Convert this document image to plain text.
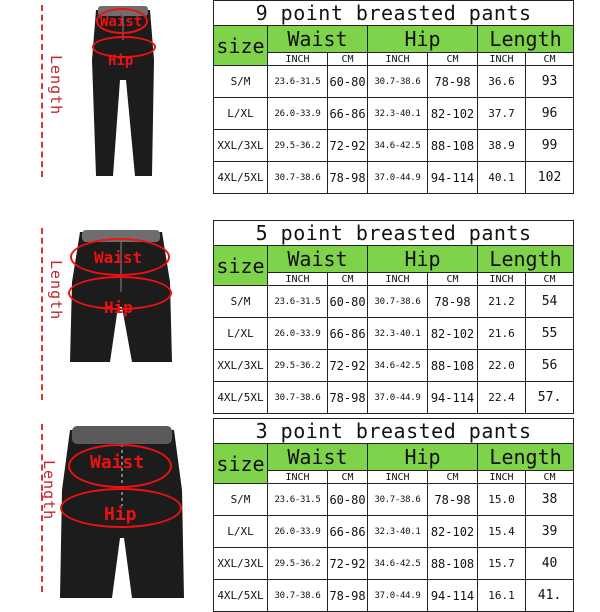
Length
Waist
Hip
9 point breasted pants						
size	Waist		Hip		Length	
	INCH	CM	INCH	CM	INCH	CM
S/M	23.6-31.5	60-80	30.7-38.6	78-98	36.6	93
L/XL	26.0-33.9	66-86	32.3-40.1	82-102	37.7	96
XXL/3XL	29.5-36.2	72-92	34.6-42.5	88-108	38.9	99
4XL/5XL	30.7-38.6	78-98	37.0-44.9	94-114	40.1	102
Length
Waist
Hip
5 point breasted pants						
size	Waist		Hip		Length	
	INCH	CM	INCH	CM	INCH	CM
S/M	23.6-31.5	60-80	30.7-38.6	78-98	21.2	54
L/XL	26.0-33.9	66-86	32.3-40.1	82-102	21.6	55
XXL/3XL	29.5-36.2	72-92	34.6-42.5	88-108	22.0	56
4XL/5XL	30.7-38.6	78-98	37.0-44.9	94-114	22.4	57.
Length Waist
Hip
3 point breasted pants						
size	Waist		Hip		Length	
	INCH	CM	INCH	CM	INCH	CM
S/M	23.6-31.5	60-80	30.7-38.6	78-98	15.0	38
L/XL	26.0-33.9	66-86	32.3-40.1	82-102	15.4	39
XXL/3XL	29.5-36.2	72-92	34.6-42.5	88-108	15.7	40
4XL/5XL	30.7-38.6	78-98	37.0-44.9	94-114	16.1	41.
